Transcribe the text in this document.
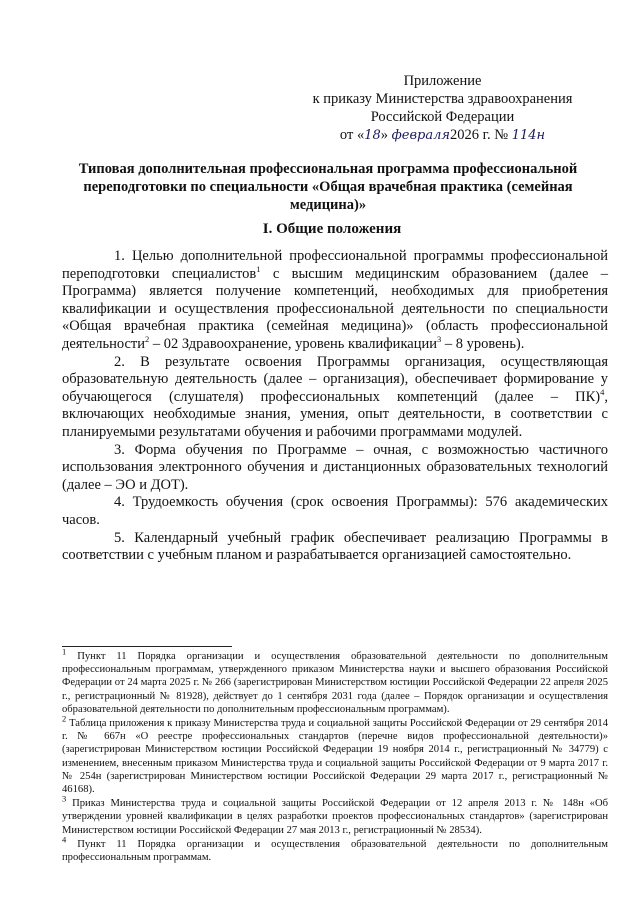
Приложение
к приказу Министерства здравоохранения
Российской Федерации
от «18» февраля2026 г. № 114н
Типовая дополнительная профессиональная программа профессиональной переподготовки по специальности «Общая врачебная практика (семейная медицина)»
I. Общие положения

1. Целью дополнительной профессиональной программы профессиональной переподготовки специалистов$^1$ с высшим медицинским образованием (далее – Программа) является получение компетенций, необходимых для приобретения квалификации и осуществления профессиональной деятельности по специальности «Общая врачебная практика (семейная медицина)» (область профессиональной деятельности$^2$ – 02 Здравоохранение, уровень квалификации$^3$ – 8 уровень).

2. В результате освоения Программы организация, осуществляющая образовательную деятельность (далее – организация), обеспечивает формирование у обучающегося (слушателя) профессиональных компетенций (далее – ПК)$^4$, включающих необходимые знания, умения, опыт деятельности, в соответствии с планируемыми результатами обучения и рабочими программами модулей.

3. Форма обучения по Программе – очная, с возможностью частичного использования электронного обучения и дистанционных образовательных технологий (далее – ЭО и ДОТ).

4. Трудоемкость обучения (срок освоения Программы): 576 академических часов.

5. Календарный учебный график обеспечивает реализацию Программы в соответствии с учебным планом и разрабатывается организацией самостоятельно.

$^1$ Пункт 11 Порядка организации и осуществления образовательной деятельности по дополнительным профессиональным программам, утвержденного приказом Министерства науки и высшего образования Российской Федерации от 24 марта 2025 г. № 266 (зарегистрирован Министерством юстиции Российской Федерации 22 апреля 2025 г., регистрационный № 81928), действует до 1 сентября 2031 года (далее – Порядок организации и осуществления образовательной деятельности по дополнительным профессиональным программам).

$^2$ Таблица приложения к приказу Министерства труда и социальной защиты Российской Федерации от 29 сентября 2014 г. № 667н «О реестре профессиональных стандартов (перечне видов профессиональной деятельности)» (зарегистрирован Министерством юстиции Российской Федерации 19 ноября 2014 г., регистрационный № 34779) с изменением, внесенным приказом Министерства труда и социальной защиты Российской Федерации от 9 марта 2017 г. № 254н (зарегистрирован Министерством юстиции Российской Федерации 29 марта 2017 г., регистрационный № 46168).

$^3$ Приказ Министерства труда и социальной защиты Российской Федерации от 12 апреля 2013 г. № 148н «Об утверждении уровней квалификации в целях разработки проектов профессиональных стандартов» (зарегистрирован Министерством юстиции Российской Федерации 27 мая 2013 г., регистрационный № 28534).

$^4$ Пункт 11 Порядка организации и осуществления образовательной деятельности по дополнительным профессиональным программам.
